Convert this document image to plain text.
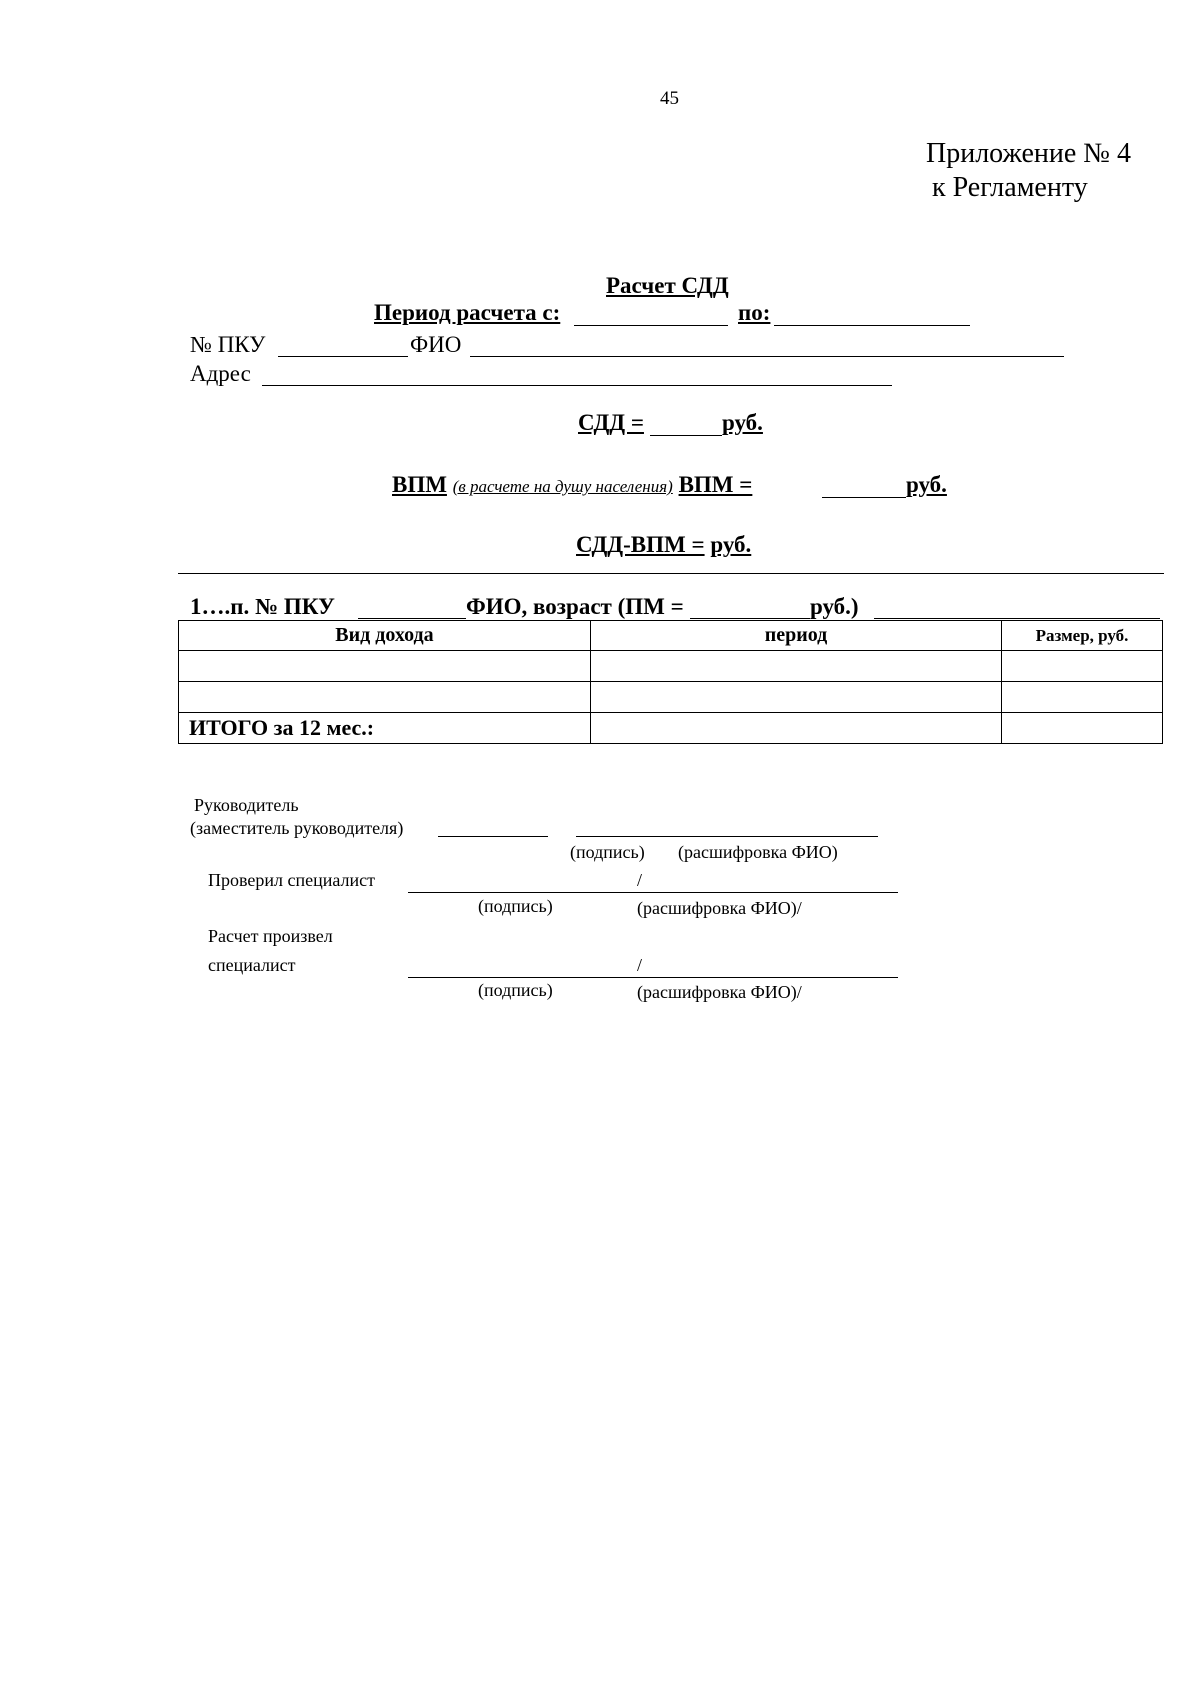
45
Приложение № 4
к Регламенту
Расчет СДД
Период расчета с:	по:
№ ПКУ	ФИО
Адрес
СДД =	руб.
ВПМ (в расчете на душу населения) ВПМ =	руб.
СДД-ВПМ = руб.
1….п. № ПКУ	ФИО, возраст (ПМ =	руб.)
Вид дохода	период	Размер, руб.

ИТОГО за 12 мес.:		
Руководитель
(заместитель руководителя)
(подпись) (расшифровка ФИО)
Проверил специалист	/
(подпись)	(расшифровка ФИО)/
Расчет произвел
специалист	/
(подпись)	(расшифровка ФИО)/
